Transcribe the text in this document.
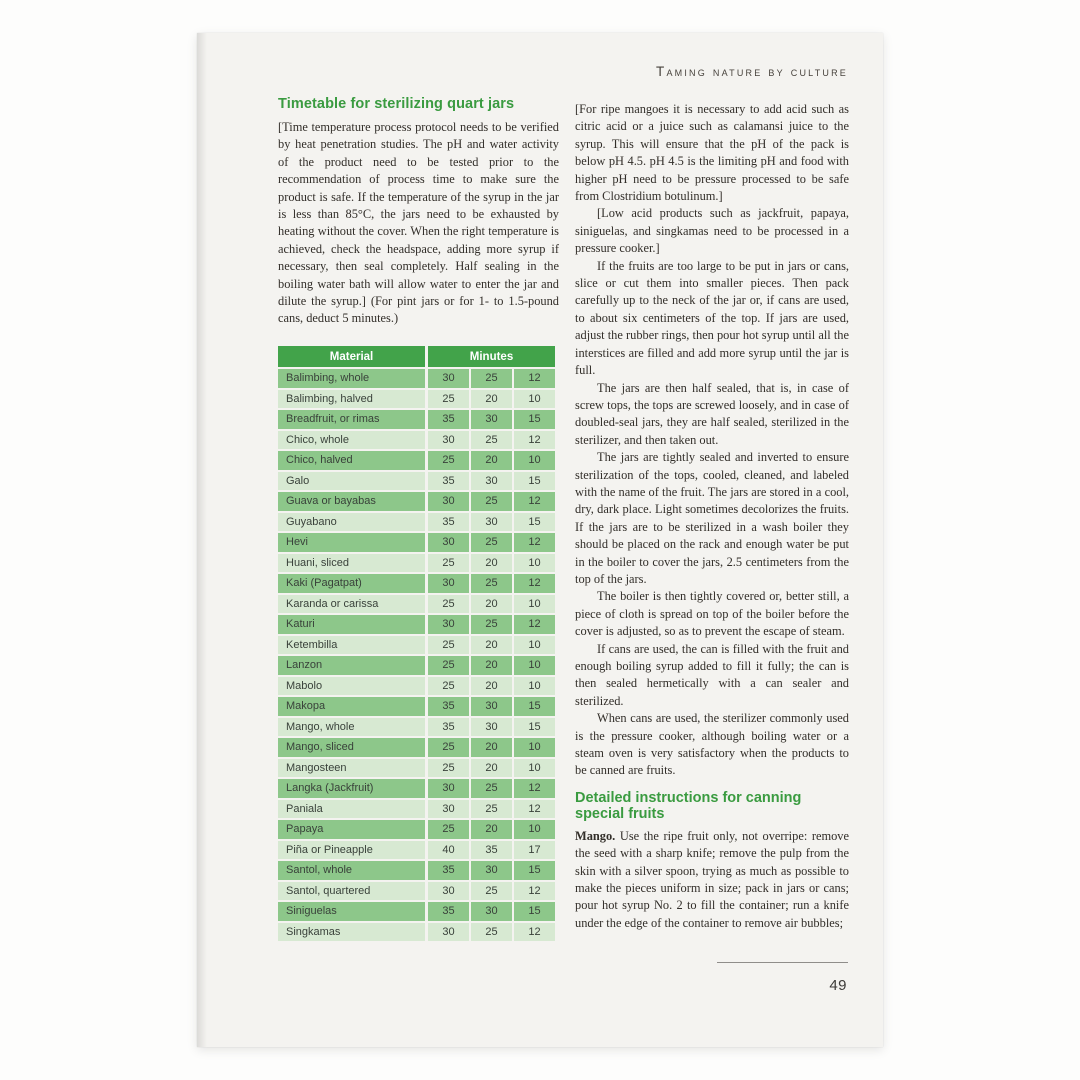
Taming nature by culture
Timetable for sterilizing quart jars

[Time temperature process protocol needs to be verified by heat penetration studies. The pH and water activity of the product need to be tested prior to the recommendation of process time to make sure the product is safe. If the temperature of the syrup in the jar is less than 85°C, the jars need to be exhausted by heating without the cover. When the right temperature is achieved, check the headspace, adding more syrup if necessary, then seal completely. Half sealing in the boiling water bath will allow water to enter the jar and dilute the syrup.] (For pint jars or for 1- to 1.5-pound cans, deduct 5 minutes.)

Material	Minutes		
Balimbing, whole	30	25	12
Balimbing, halved	25	20	10
Breadfruit, or rimas	35	30	15
Chico, whole	30	25	12
Chico, halved	25	20	10
Galo	35	30	15
Guava or bayabas	30	25	12
Guyabano	35	30	15
Hevi	30	25	12
Huani, sliced	25	20	10
Kaki (Pagatpat)	30	25	12
Karanda or carissa	25	20	10
Katuri	30	25	12
Ketembilla	25	20	10
Lanzon	25	20	10
Mabolo	25	20	10
Makopa	35	30	15
Mango, whole	35	30	15
Mango, sliced	25	20	10
Mangosteen	25	20	10
Langka (Jackfruit)	30	25	12
Paniala	30	25	12
Papaya	25	20	10
Piña or Pineapple	40	35	17
Santol, whole	35	30	15
Santol, quartered	30	25	12
Siniguelas	35	30	15
Singkamas	30	25	12

[For ripe mangoes it is necessary to add acid such as citric acid or a juice such as calamansi juice to the syrup. This will ensure that the pH of the pack is below pH 4.5. pH 4.5 is the limiting pH and food with higher pH need to be pressure processed to be safe from Clostridium botulinum.]

[Low acid products such as jackfruit, papaya, siniguelas, and singkamas need to be processed in a pressure cooker.]

If the fruits are too large to be put in jars or cans, slice or cut them into smaller pieces. Then pack carefully up to the neck of the jar or, if cans are used, to about six centimeters of the top. If jars are used, adjust the rubber rings, then pour hot syrup until all the interstices are filled and add more syrup until the jar is full.

The jars are then half sealed, that is, in case of screw tops, the tops are screwed loosely, and in case of doubled-seal jars, they are half sealed, sterilized in the sterilizer, and then taken out.

The jars are tightly sealed and inverted to ensure sterilization of the tops, cooled, cleaned, and labeled with the name of the fruit. The jars are stored in a cool, dry, dark place. Light sometimes decolorizes the fruits. If the jars are to be sterilized in a wash boiler they should be placed on the rack and enough water be put in the boiler to cover the jars, 2.5 centimeters from the top of the jars.

The boiler is then tightly covered or, better still, a piece of cloth is spread on top of the boiler before the cover is adjusted, so as to prevent the escape of steam.

If cans are used, the can is filled with the fruit and enough boiling syrup added to fill it fully; the can is then sealed hermetically with a can sealer and sterilized.

When cans are used, the sterilizer commonly used is the pressure cooker, although boiling water or a steam oven is very satisfactory when the products to be canned are fruits.

Detailed instructions for canning special fruits

Mango. Use the ripe fruit only, not overripe: remove the seed with a sharp knife; remove the pulp from the skin with a silver spoon, trying as much as possible to make the pieces uniform in size; pack in jars or cans; pour hot syrup No. 2 to fill the container; run a knife under the edge of the container to remove air bubbles;

49
